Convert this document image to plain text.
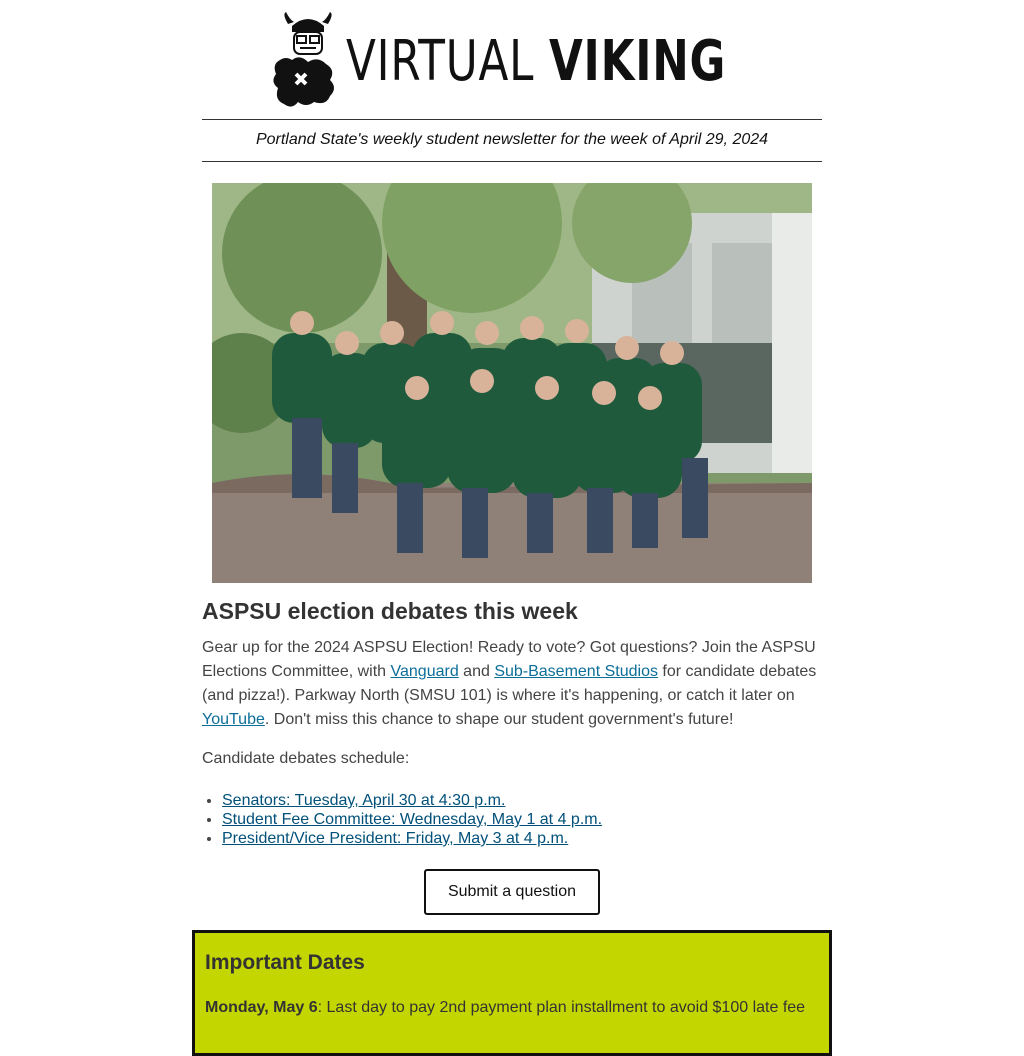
VIRTUAL VIKING
Portland State's weekly student newsletter for the week of April 29, 2024
ASPSU election debates this week

Gear up for the 2024 ASPSU Election! Ready to vote? Got questions? Join the ASPSU Elections Committee, with Vanguard and Sub-Basement Studios for candidate debates (and pizza!). Parkway North (SMSU 101) is where it's happening, or catch it later on YouTube. Don't miss this chance to shape our student government's future!

Candidate debates schedule:

• Senators: Tuesday, April 30 at 4:30 p.m.
• Student Fee Committee: Wednesday, May 1 at 4 p.m.
• President/Vice President: Friday, May 3 at 4 p.m.
Submit a question
Important Dates

Monday, May 6: Last day to pay 2nd payment plan installment to avoid $100 late fee
